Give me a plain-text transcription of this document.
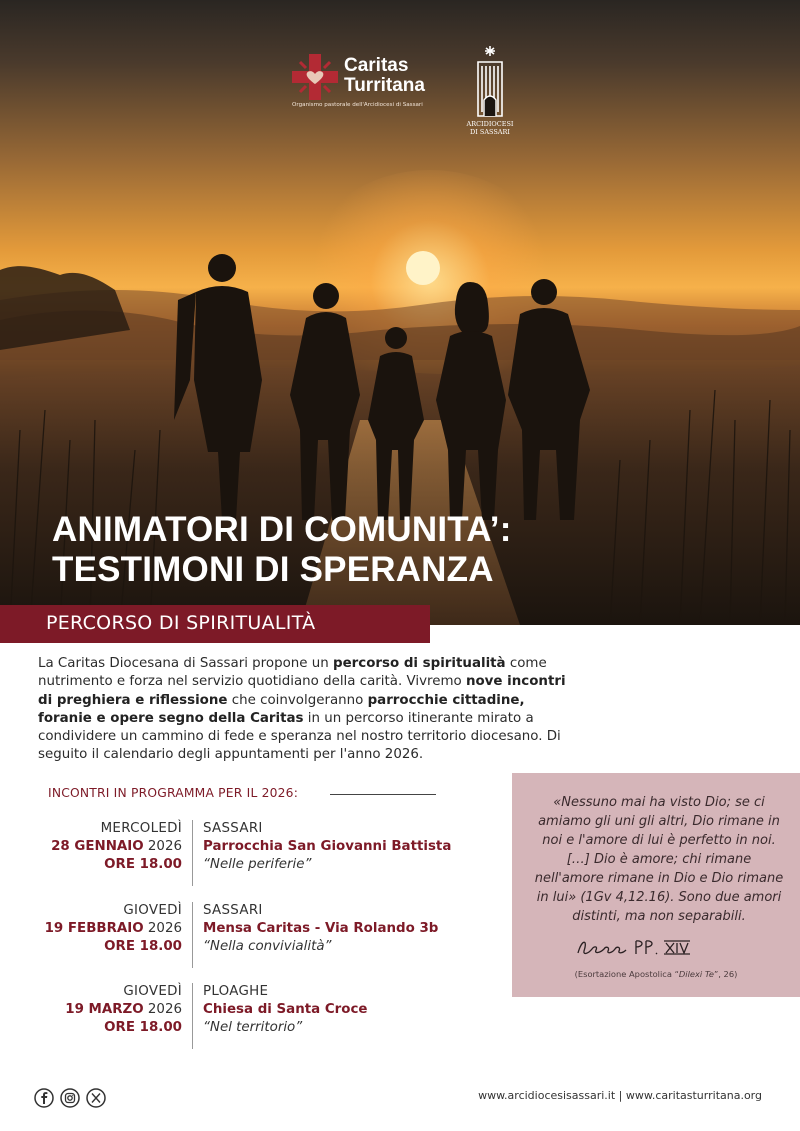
Caritas
Turritana
Organismo pastorale dell'Arcidiocesi di Sassari
ARCIDIOCESI
DI SASSARI
ANIMATORI DI COMUNITA’:
TESTIMONI DI SPERANZA
PERCORSO DI SPIRITUALITÀ
La Caritas Diocesana di Sassari propone un percorso di spiritualità come nutrimento e forza nel servizio quotidiano della carità. Vivremo nove incontri di preghiera e riflessione che coinvolgeranno parrocchie cittadine, foranie e opere segno della Caritas in un percorso itinerante mirato a condividere un cammino di fede e speranza nel nostro territorio diocesano. Di seguito il calendario degli appuntamenti per l'anno 2026.
INCONTRI IN PROGRAMMA PER IL 2026:
MERCOLEDÌ
28 GENNAIO 2026
ORE 18.00
SASSARI
Parrocchia San Giovanni Battista
“Nelle periferie”
GIOVEDÌ
19 FEBBRAIO 2026
ORE 18.00
SASSARI
Mensa Caritas - Via Rolando 3b
“Nella convivialità”
GIOVEDÌ
19 MARZO 2026
ORE 18.00
PLOAGHE
Chiesa di Santa Croce
“Nel territorio”
«Nessuno mai ha visto Dio; se ci amiamo gli uni gli altri, Dio rimane in noi e l'amore di lui è perfetto in noi. […] Dio è amore; chi rimane nell'amore rimane in Dio e Dio rimane in lui» (1Gv 4,12.16). Sono due amori distinti, ma non separabili.
(Esortazione Apostolica “Dilexi Te”, 26)
www.arcidiocesisassari.it | www.caritasturritana.org
